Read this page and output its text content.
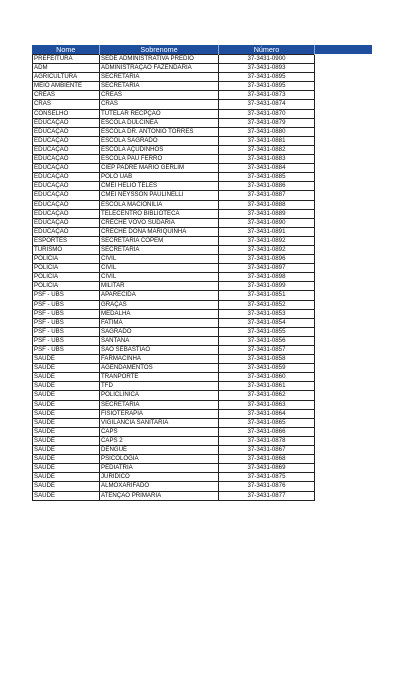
Nome	Sobrenome	Número
PREFEITURA	SEDE ADMINISTRATIVA PREDIO	37-3431-0900
ADM	ADMINISTRAÇÃO FAZENDARIA	37-3431-0893
AGRICULTURA	SECRETARIA	37-3431-0895
MEIO AMBIENTE	SECRETARIA	37-3431-0895
CREAS	CREAS	37-3431-0873
CRAS	CRAS	37-3431-0874
CONSELHO	TUTELAR RECPÇAO	37-3431-0870
EDUCAÇÃO	ESCOLA DULCINEA	37-3431-0879
EDUCAÇÃO	ESCOLA DR. ANTONIO TORRES	37-3431-0880
EDUCAÇÃO	ESCOLA SAGRADO	37-3431-0881
EDUCAÇÃO	ESCOLA AÇUDINHOS	37-3431-0882
EDUCAÇÃO	ESCOLA PAU FERRO	37-3431-0883
EDUCAÇÃO	CIEP PADRE MARIO GERLIM	37-3431-0884
EDUCAÇÃO	POLO UAB	37-3431-0885
EDUCAÇÃO	CMEI HELIO TELES	37-3431-0886
EDUCAÇÃO	CMEI NEYSSON PAULINELLI	37-3431-0887
EDUCAÇÃO	ESCOLA MACIONILIA	37-3431-0888
EDUCAÇÃO	TELECENTRO BIBLIOTECA	37-3431-0889
EDUCAÇÃO	CRECHE VOVO SUDARIA	37-3431-0890
EDUCAÇÃO	CRECHE DONA MARIQUINHA	37-3431-0891
ESPORTES	SECRETARIA COPEM	37-3431-0892
TURISMO	SECRETARIA	37-3431-0892
POLICIA	CIVIL	37-3431-0896
POLICIA	CIVIL	37-3431-0897
POLICIA	CIVIL	37-3431-0898
POLICIA	MILITAR	37-3431-0899
PSF - UBS	APARECIDA	37-3431-0851
PSF - UBS	GRAÇAS	37-3431-0852
PSF - UBS	MEDALHA	37-3431-0853
PSF - UBS	FATIMA	37-3431-0854
PSF - UBS	SAGRADO	37-3431-0855
PSF - UBS	SANTANA	37-3431-0856
PSF - UBS	SÃO SEBASTIAO	37-3431-0857
SAUDE	FARMACINHA	37-3431-0858
SAUDE	AGENDAMENTOS	37-3431-0859
SAUDE	TRANPORTE	37-3431-0860
SAUDE	TFD	37-3431-0861
SAUDE	POLICLINICA	37-3431-0862
SAUDE	SECRETARIA	37-3431-0863
SAUDE	FISIOTERAPIA	37-3431-0864
SAUDE	VIGILANCIA SANITARIA	37-3431-0865
SAUDE	CAPS	37-3431-0866
SAUDE	CAPS 2	37-3431-0878
SAUDE	DENGUE	37-3431-0867
SAUDE	PSICOLOGIA	37-3431-0868
SAUDE	PEDIATRIA	37-3431-0869
SAUDE	JURIDICO	37-3431-0875
SAUDE	ALMOXARIFADO	37-3431-0876
SAUDE	ATENÇÃO PRIMARIA	37-3431-0877
